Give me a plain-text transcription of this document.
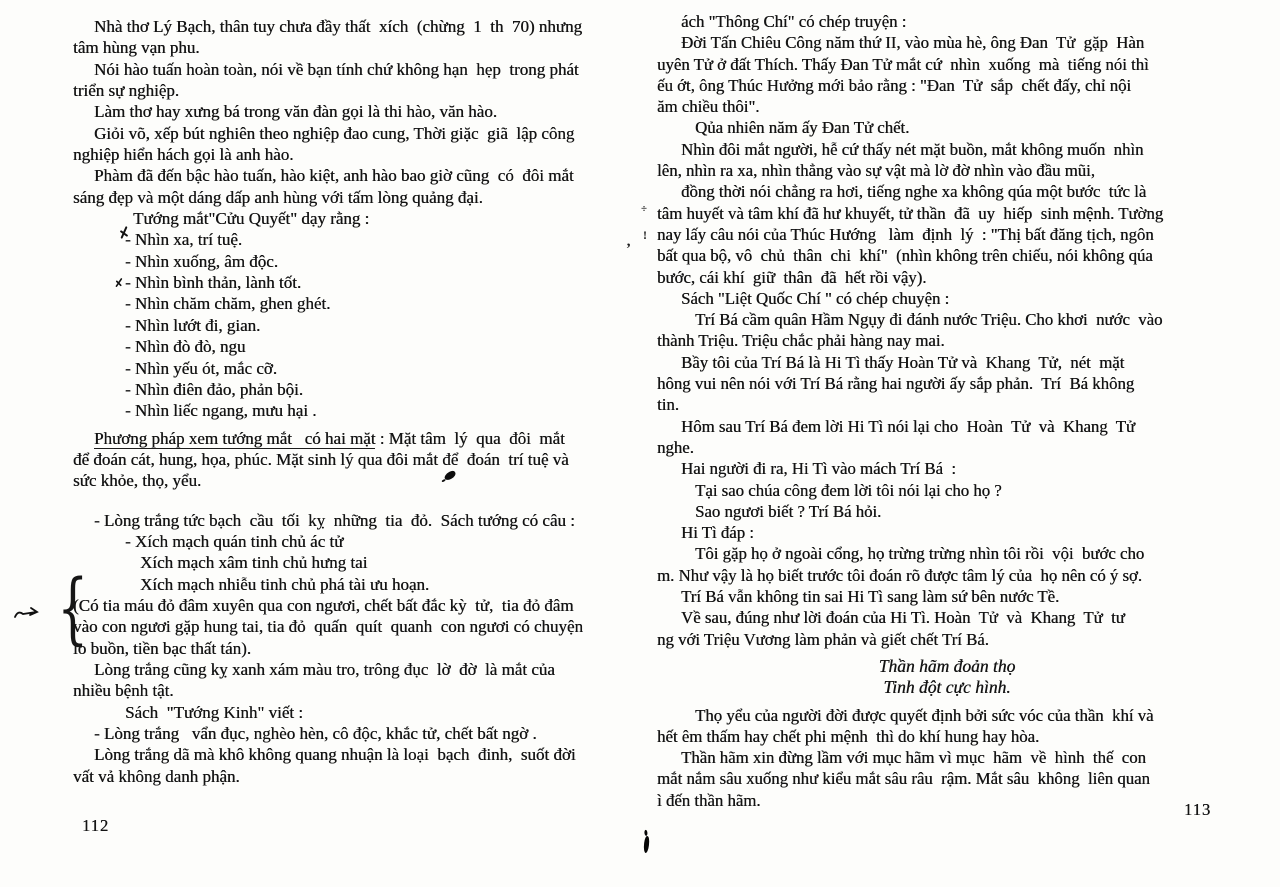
Nhà thơ Lý Bạch, thân tuy chưa đầy thất  xích  (chừng  1  th  70) nhưng
tâm hùng vạn phu.
Nói hào tuấn hoàn toàn, nói về bạn tính chứ không hạn  hẹp  trong phát
triển sự nghiệp.
Làm thơ hay xưng bá trong văn đàn gọi là thi hào, văn hào.
Giỏi võ, xếp bút nghiên theo nghiệp đao cung, Thời giặc  giã  lập công
nghiệp hiển hách gọi là anh hào.
Phàm đã đến bậc hào tuấn, hào kiệt, anh hào bao giờ cũng  có  đôi mắt
sáng đẹp và một dáng dấp anh hùng với tấm lòng quảng đại.
Tướng mắt"Cửu Quyết" dạy rằng :
- Nhìn xa, trí tuệ.
- Nhìn xuống, âm độc.
- Nhìn bình thản, lành tốt.
- Nhìn chăm chăm, ghen ghét.
- Nhìn lướt đi, gian.
- Nhìn đò đò, ngu
- Nhìn yếu ót, mắc cỡ.
- Nhìn điên đảo, phản bội.
- Nhìn liếc ngang, mưu hại .
Phương pháp xem tướng mắt   có hai mặt : Mặt tâm  lý  qua  đôi  mắt
để đoán cát, hung, họa, phúc. Mặt sinh lý qua đôi mắt để  đoán  trí tuệ và
sức khỏe, thọ, yểu.
- Lòng trắng tức bạch  cầu  tối  kỵ  những  tia  đỏ.  Sách tướng có câu :
- Xích mạch quán tinh chủ ác tử
Xích mạch xâm tinh chủ hưng tai
Xích mạch nhiễu tinh chủ phá tài ưu hoạn.
(Có tia máu đỏ đâm xuyên qua con ngươi, chết bất đắc kỳ  tử,  tia đỏ đâm
vào con ngươi gặp hung tai, tia đỏ  quấn  quít  quanh  con ngươi có chuyện
lo buồn, tiền bạc thất tán).
Lòng trắng cũng kỵ xanh xám màu tro, trông đục  lờ  đờ  là mắt của
nhiều bệnh tật.
Sách  "Tướng Kinh" viết :
- Lòng trắng   vẩn đục, nghèo hèn, cô độc, khắc tử, chết bất ngờ .
Lòng trắng dã mà khô không quang nhuận là loại  bạch  đinh,  suốt đời
vất vả không danh phận.
ách "Thông Chí" có chép truyện :
Đời Tấn Chiêu Công năm thứ II, vào mùa hè, ông Đan  Tử  gặp  Hàn
uyên Tử ở đất Thích. Thấy Đan Tử mắt cứ  nhìn  xuống  mà  tiếng nói thì
ếu ớt, ông Thúc Hưởng mới bảo rằng : "Đan  Tử  sắp  chết đấy, chỉ nội
ăm chiều thôi".
Qủa nhiên năm ấy Đan Tử chết.
Nhìn đôi mắt người, hễ cứ thấy nét mặt buồn, mắt không muốn  nhìn
lên, nhìn ra xa, nhìn thẳng vào sự vật mà lờ đờ nhìn vào đầu mũi,
đồng thời nói chẳng ra hơi, tiếng nghe xa không qúa một bước  tức là
tâm huyết và tâm khí đã hư khuyết, tử thần  đã  uy  hiếp  sinh mệnh. Tường
nay lấy câu nói của Thúc Hướng   làm  định  lý  : "Thị bất đăng tịch, ngôn
bất qua bộ, vô  chủ  thân  chi  khí"  (nhìn không trên chiếu, nói không qúa
bước, cái khí  giữ  thân  đã  hết rồi vậy).
Sách "Liệt Quốc Chí " có chép chuyện :
Trí Bá cầm quân Hầm Ngụy đi đánh nước Triệu. Cho khơi  nước  vào
thành Triệu. Triệu chắc phải hàng nay mai.
Bầy tôi của Trí Bá là Hi Tì thấy Hoàn Tử và  Khang  Tử,  nét  mặt
hông vui nên nói với Trí Bá rằng hai người ấy sắp phản.  Trí  Bá không
tin.
Hôm sau Trí Bá đem lời Hi Tì nói lại cho  Hoàn  Tử  và  Khang  Tử
nghe.
Hai người đi ra, Hi Tì vào mách Trí Bá  :
Tại sao chúa công đem lời tôi nói lại cho họ ?
Sao ngươi biết ? Trí Bá hỏi.
Hi Tì đáp :
Tôi gặp họ ở ngoài cổng, họ trừng trừng nhìn tôi rồi  vội  bước cho
m. Như vậy là họ biết trước tôi đoán rõ được tâm lý của  họ nên có ý sợ.
Trí Bá vẫn không tin sai Hi Tì sang làm sứ bên nước Tề.
Về sau, đúng như lời đoán của Hi Tì. Hoàn  Tử  và  Khang  Tử  tư
ng với Triệu Vương làm phản và giết chết Trí Bá.
Thần hãm đoản thọ
Tinh đột cực hình.
Thọ yểu của người đời được quyết định bởi sức vóc của thần  khí và
hết êm thấm hay chết phi mệnh  thì do khí hung hay hòa.
Thần hãm xin đừng lầm với mục hãm vì mục  hãm  về  hình  thế  con
mắt nắm sâu xuống như kiểu mắt sâu râu  rậm. Mắt sâu  không  liên quan
ì đến thần hãm.
112
113
{
’
÷
!
